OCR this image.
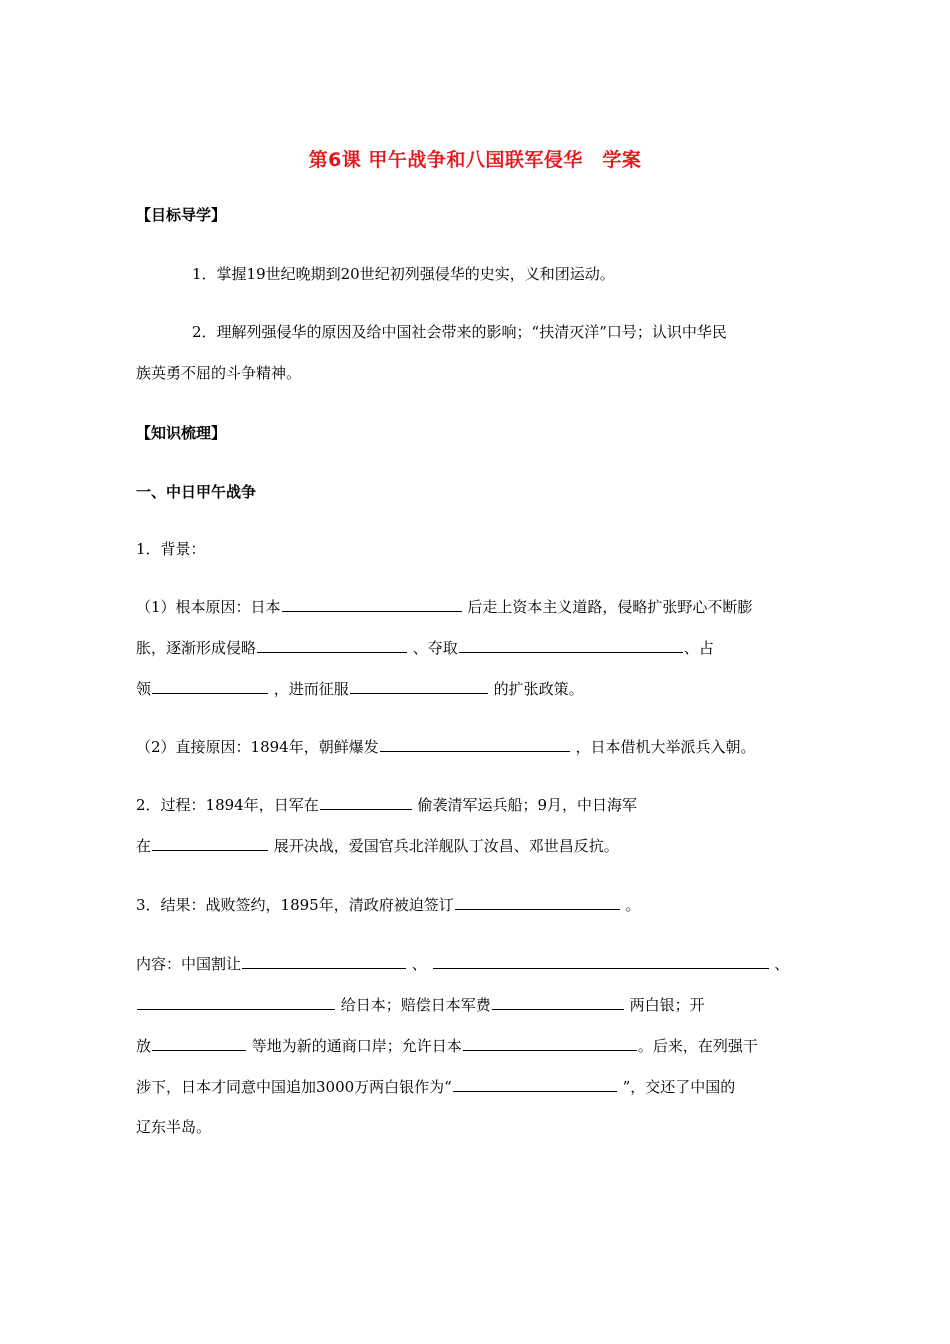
第6课 甲午战争和八国联军侵华　学案
【目标导学】
1．掌握19世纪晚期到20世纪初列强侵华的史实，义和团运动。
2．理解列强侵华的原因及给中国社会带来的影响；“扶清灭洋”口号；认识中华民
族英勇不屈的斗争精神。
【知识梳理】
一、中日甲午战争
1．背景：
（1）根本原因：日本	后走上资本主义道路，侵略扩张野心不断膨
胀，逐渐形成侵略	、夺取	、占
领	，进而征服	的扩张政策。
（2）直接原因：1894年，朝鲜爆发	，日本借机大举派兵入朝。
2．过程：1894年，日军在	偷袭清军运兵船；9月，中日海军
在	展开决战，爱国官兵北洋舰队丁汝昌、邓世昌反抗。
3．结果：战败签约，1895年，清政府被迫签订	。
内容：中国割让	、	、
给日本；赔偿日本军费	两白银；开
放	等地为新的通商口岸；允许日本	。后来，在列强干
涉下，日本才同意中国追加3000万两白银作为“	”，交还了中国的
辽东半岛。
